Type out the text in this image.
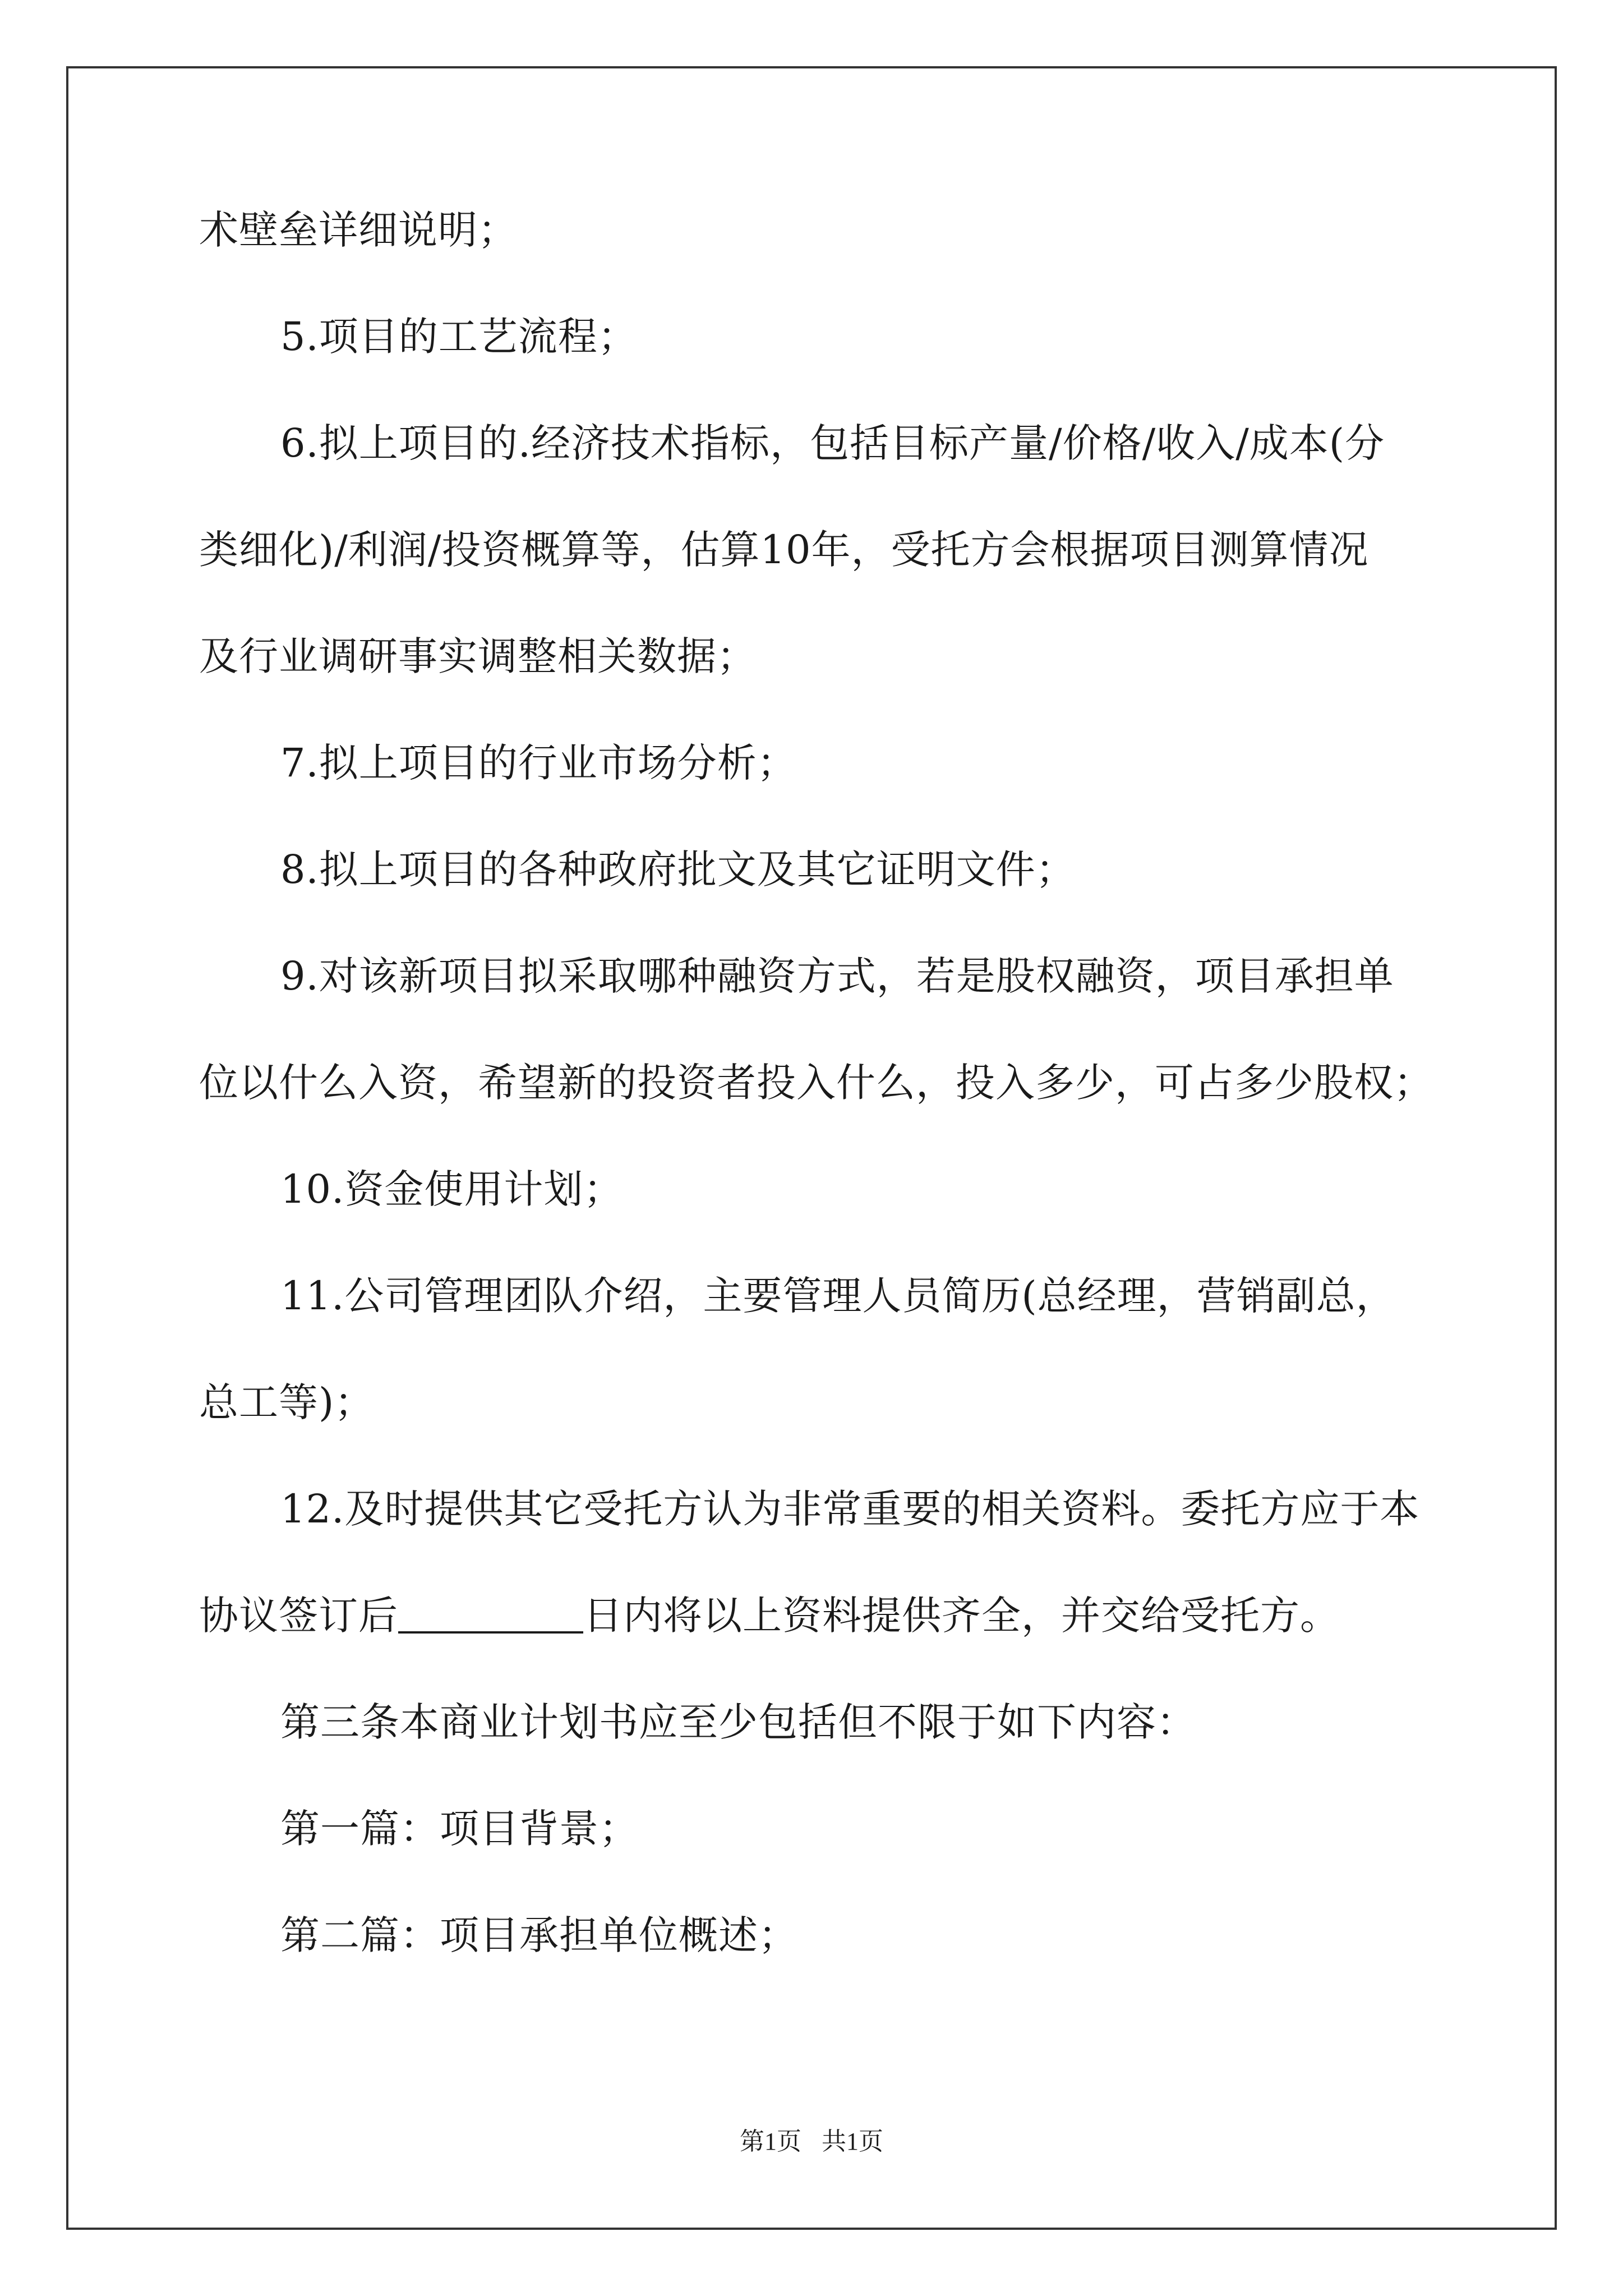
术壁垒详细说明；
5.项目的工艺流程；
6.拟上项目的.经济技术指标，包括目标产量/价格/收入/成本(分
类细化)/利润/投资概算等，估算10年，受托方会根据项目测算情况
及行业调研事实调整相关数据；
7.拟上项目的行业市场分析；
8.拟上项目的各种政府批文及其它证明文件；
9.对该新项目拟采取哪种融资方式，若是股权融资，项目承担单
位以什么入资，希望新的投资者投入什么，投入多少，可占多少股权；
10.资金使用计划；
11.公司管理团队介绍，主要管理人员简历(总经理，营销副总，
总工等)；
12.及时提供其它受托方认为非常重要的相关资料。委托方应于本
协议签订后	日内将以上资料提供齐全，并交给受托方。
第三条本商业计划书应至少包括但不限于如下内容：
第一篇：项目背景；
第二篇：项目承担单位概述；
第1页 共1页
